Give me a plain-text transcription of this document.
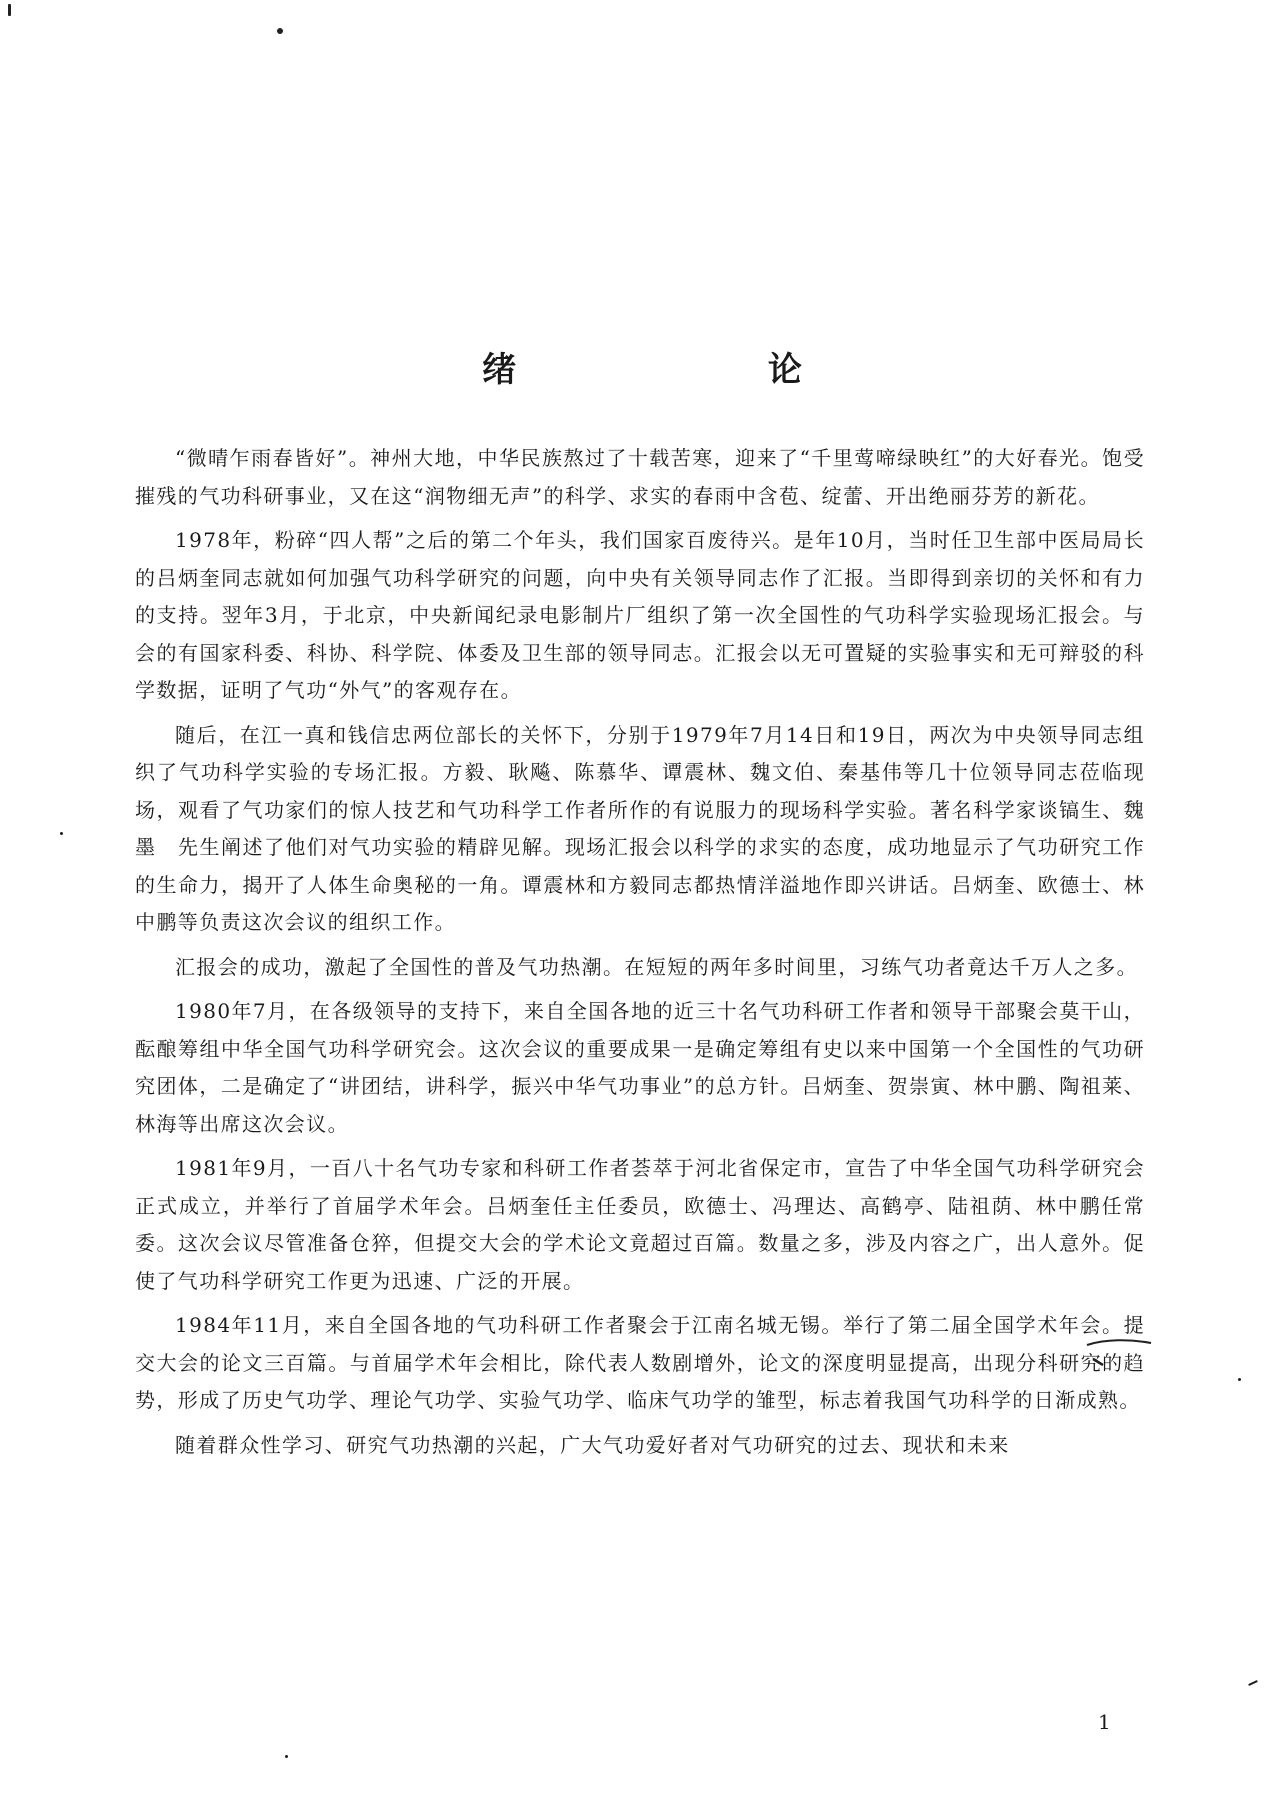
绪 论

“微晴乍雨春皆好”。神州大地，中华民族熬过了十载苦寒，迎来了“千里莺啼绿映红”的大好春光。饱受摧残的气功科研事业，又在这“润物细无声”的科学、求实的春雨中含苞、绽蕾、开出绝丽芬芳的新花。

1978年，粉碎“四人帮”之后的第二个年头，我们国家百废待兴。是年10月，当时任卫生部中医局局长的吕炳奎同志就如何加强气功科学研究的问题，向中央有关领导同志作了汇报。当即得到亲切的关怀和有力的支持。翌年3月，于北京，中央新闻纪录电影制片厂组织了第一次全国性的气功科学实验现场汇报会。与会的有国家科委、科协、科学院、体委及卫生部的领导同志。汇报会以无可置疑的实验事实和无可辩驳的科学数据，证明了气功“外气”的客观存在。

随后，在江一真和钱信忠两位部长的关怀下，分别于1979年7月14日和19日，两次为中央领导同志组织了气功科学实验的专场汇报。方毅、耿飚、陈慕华、谭震林、魏文伯、秦基伟等几十位领导同志莅临现场，观看了气功家们的惊人技艺和气功科学工作者所作的有说服力的现场科学实验。著名科学家谈镐生、魏墨　先生阐述了他们对气功实验的精辟见解。现场汇报会以科学的求实的态度，成功地显示了气功研究工作的生命力，揭开了人体生命奥秘的一角。谭震林和方毅同志都热情洋溢地作即兴讲话。吕炳奎、欧德士、林中鹏等负责这次会议的组织工作。

汇报会的成功，激起了全国性的普及气功热潮。在短短的两年多时间里，习练气功者竟达千万人之多。

1980年7月，在各级领导的支持下，来自全国各地的近三十名气功科研工作者和领导干部聚会莫干山，酝酿筹组中华全国气功科学研究会。这次会议的重要成果一是确定筹组有史以来中国第一个全国性的气功研究团体，二是确定了“讲团结，讲科学，振兴中华气功事业”的总方针。吕炳奎、贺崇寅、林中鹏、陶祖莱、林海等出席这次会议。

1981年9月，一百八十名气功专家和科研工作者荟萃于河北省保定市，宣告了中华全国气功科学研究会正式成立，并举行了首届学术年会。吕炳奎任主任委员，欧德士、冯理达、高鹤亭、陆祖荫、林中鹏任常委。这次会议尽管准备仓猝，但提交大会的学术论文竟超过百篇。数量之多，涉及内容之广，出人意外。促使了气功科学研究工作更为迅速、广泛的开展。

1984年11月，来自全国各地的气功科研工作者聚会于江南名城无锡。举行了第二届全国学术年会。提交大会的论文三百篇。与首届学术年会相比，除代表人数剧增外，论文的深度明显提高，出现分科研究的趋势，形成了历史气功学、理论气功学、实验气功学、临床气功学的雏型，标志着我国气功科学的日渐成熟。

随着群众性学习、研究气功热潮的兴起，广大气功爱好者对气功研究的过去、现状和未来

1
